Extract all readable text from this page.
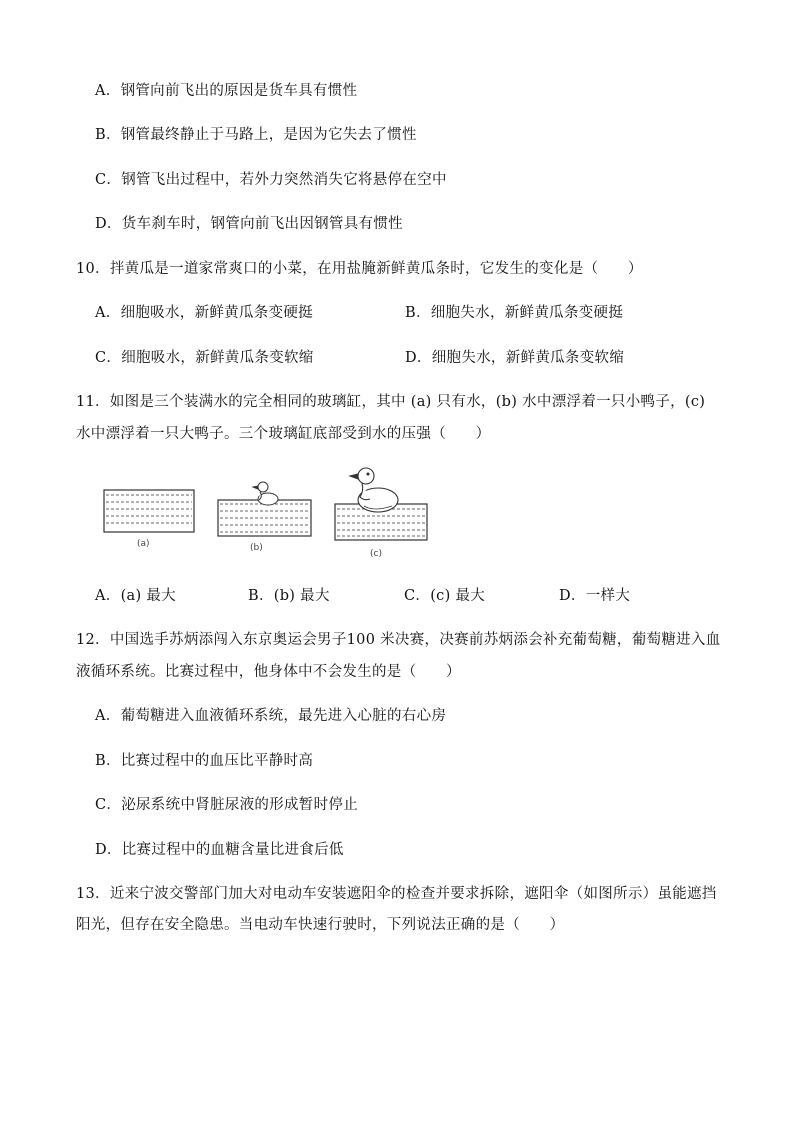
A．钢管向前飞出的原因是货车具有惯性
B．钢管最终静止于马路上，是因为它失去了惯性
C．钢管飞出过程中，若外力突然消失它将悬停在空中
D．货车刹车时，钢管向前飞出因钢管具有惯性
10．拌黄瓜是一道家常爽口的小菜，在用盐腌新鲜黄瓜条时，它发生的变化是（　　）
A．细胞吸水，新鲜黄瓜条变硬挺	B．细胞失水，新鲜黄瓜条变硬挺
C．细胞吸水，新鲜黄瓜条变软缩	D．细胞失水，新鲜黄瓜条变软缩
11．如图是三个装满水的完全相同的玻璃缸，其中 (a) 只有水，(b) 水中漂浮着一只小鸭子，(c)
水中漂浮着一只大鸭子。三个玻璃缸底部受到水的压强（　　）
(a)	(b)
(c)
A．(a) 最大	B．(b) 最大	C．(c) 最大	D．一样大
12．中国选手苏炳添闯入东京奥运会男子100 米决赛，决赛前苏炳添会补充葡萄糖，葡萄糖进入血
液循环系统。比赛过程中，他身体中不会发生的是（　　）
A．葡萄糖进入血液循环系统，最先进入心脏的右心房
B．比赛过程中的血压比平静时高
C．泌尿系统中肾脏尿液的形成暂时停止
D．比赛过程中的血糖含量比进食后低
13．近来宁波交警部门加大对电动车安装遮阳伞的检查并要求拆除，遮阳伞（如图所示）虽能遮挡
阳光，但存在安全隐患。当电动车快速行驶时，下列说法正确的是（　　）
